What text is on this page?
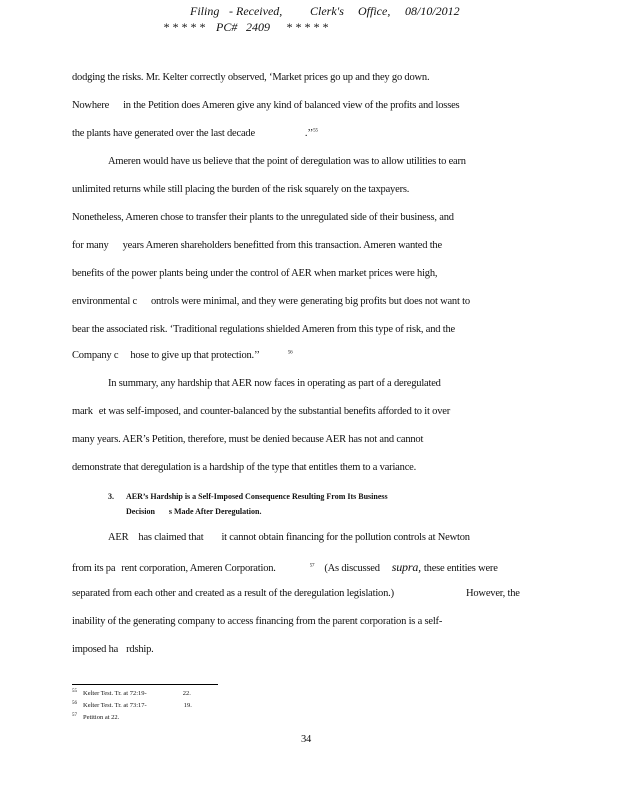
Filing - Received, Clerk's Office, 08/10/2012
* * * * * PC# 2409 * * * * *
dodging the risks. Mr. Kelter correctly observed, ‘Market prices go up and they go down.
Nowhere in the Petition does Ameren give any kind of balanced view of the profits and losses
the plants have generated over the last decade	.’’$^{55}$
Ameren would have us believe that the point of deregulation was to allow utilities to earn
unlimited returns while still placing the burden of the risk squarely on the taxpayers.
Nonetheless, Ameren chose to transfer their plants to the unregulated side of their business, and
for many years Ameren shareholders benefitted from this transaction. Ameren wanted the
benefits of the power plants being under the control of AER when market prices were high,
environmental c ontrols were minimal, and they were generating big profits but does not want to
bear the associated risk. ‘Traditional regulations shielded Ameren from this type of risk, and the
Company c hose to give up that protection.’’	$^{56}$
In summary, any hardship that AER now faces in operating as part of a deregulated
mark et was self-imposed, and counter-balanced by the substantial benefits afforded to it over
many years. AER’s Petition, therefore, must be denied because AER has not and cannot
demonstrate that deregulation is a hardship of the type that entitles them to a variance.
3. AER’s Hardship is a Self-Imposed Consequence Resulting From Its Business
Decision s Made After Deregulation.
AER has claimed that it cannot obtain financing for the pollution controls at Newton
from its pa rent corporation, Ameren Corporation.	$^{57}$ (As discussed supra, these entities were
separated from each other and created as a result of the deregulation legislation.)	However, the
inability of the generating company to access financing from the parent corporation is a self-
imposed ha rdship.
$^{55}$ Kelter Test. Tr. at 72:19-	22.
$^{56}$ Kelter Test. Tr. at 73:17-	19.
$^{57}$ Petition at 22.
34
